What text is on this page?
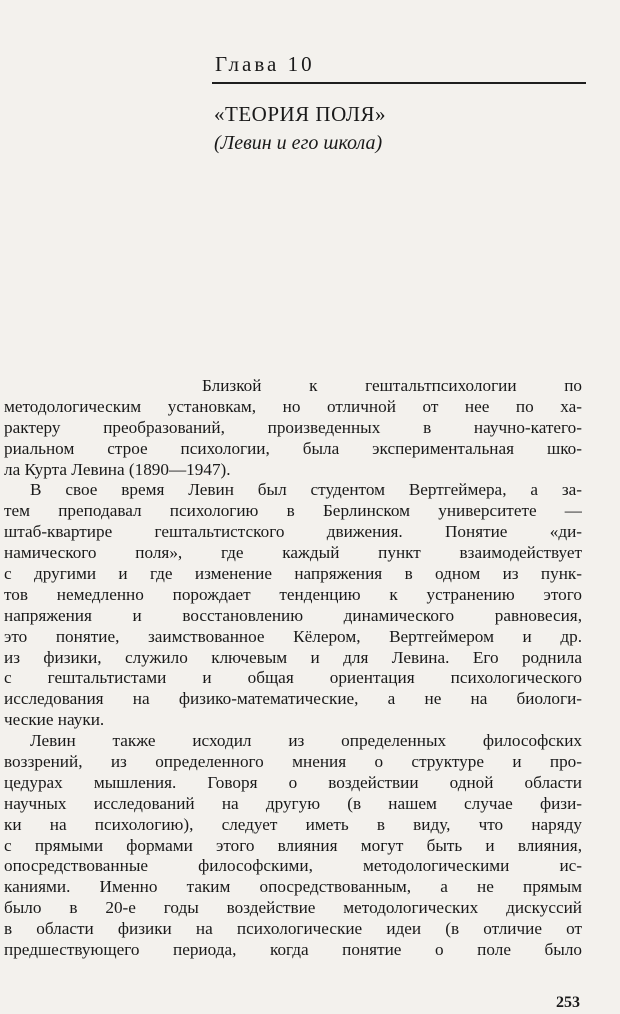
Глава 10
«ТЕОРИЯ ПОЛЯ»
(Левин и его школа)
Близкой к гештальтпсихологии по
методологическим установкам, но отличной от нее по ха-
рактеру преобразований, произведенных в научно-катего-
риальном строе психологии, была экспериментальная шко-
ла Курта Левина (1890—1947).
В свое время Левин был студентом Вертгеймера, а за-
тем преподавал психологию в Берлинском университете —
штаб-квартире гештальтистского движения. Понятие «ди-
намического поля», где каждый пункт взаимодействует
с другими и где изменение напряжения в одном из пунк-
тов немедленно порождает тенденцию к устранению этого
напряжения и восстановлению динамического равновесия,
это понятие, заимствованное Кёлером, Вертгеймером и др.
из физики, служило ключевым и для Левина. Его роднила
с гештальтистами и общая ориентация психологического
исследования на физико-математические, а не на биологи-
ческие науки.
Левин также исходил из определенных философских
воззрений, из определенного мнения о структуре и про-
цедурах мышления. Говоря о воздействии одной области
научных исследований на другую (в нашем случае физи-
ки на психологию), следует иметь в виду, что наряду
с прямыми формами этого влияния могут быть и влияния,
опосредствованные философскими, методологическими ис-
каниями. Именно таким опосредствованным, а не прямым
было в 20-е годы воздействие методологических дискуссий
в области физики на психологические идеи (в отличие от
предшествующего периода, когда понятие о поле было
253
